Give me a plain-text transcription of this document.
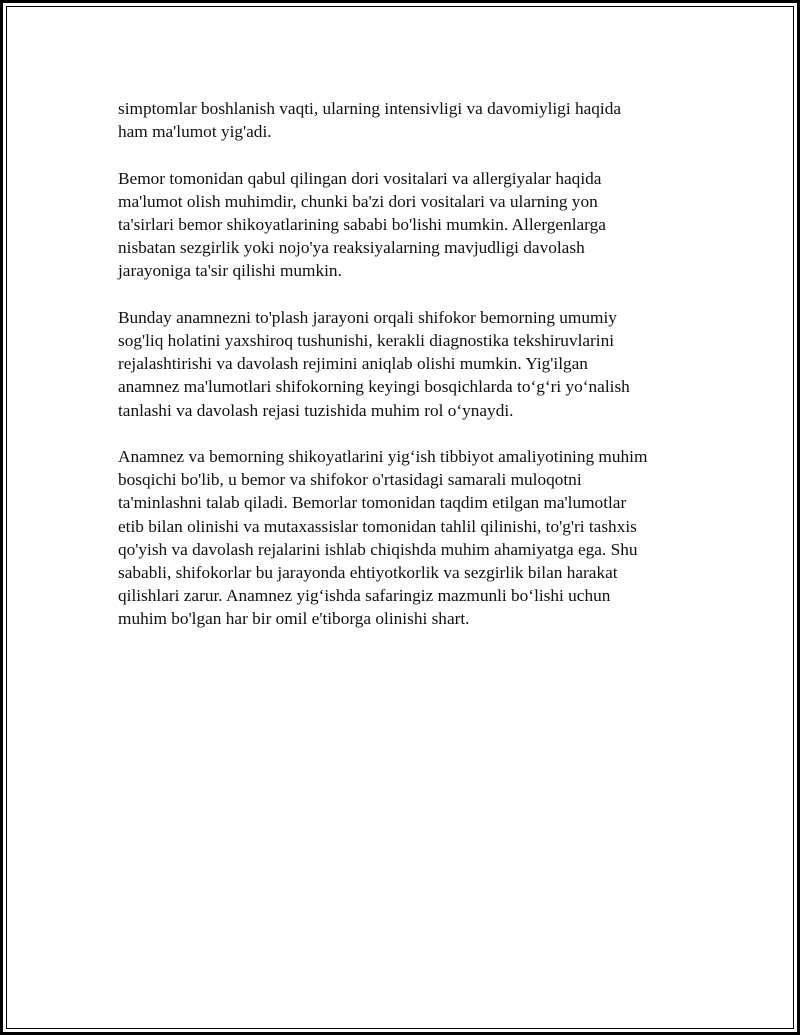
simptomlar boshlanish vaqti, ularning intensivligi va davomiyligi haqida
ham ma'lumot yig'adi.

Bemor tomonidan qabul qilingan dori vositalari va allergiyalar haqida
ma'lumot olish muhimdir, chunki ba'zi dori vositalari va ularning yon
ta'sirlari bemor shikoyatlarining sababi bo'lishi mumkin. Allergenlarga
nisbatan sezgirlik yoki nojo'ya reaksiyalarning mavjudligi davolash
jarayoniga ta'sir qilishi mumkin.

Bunday anamnezni to'plash jarayoni orqali shifokor bemorning umumiy
sog'liq holatini yaxshiroq tushunishi, kerakli diagnostika tekshiruvlarini
rejalashtirishi va davolash rejimini aniqlab olishi mumkin. Yig'ilgan
anamnez ma'lumotlari shifokorning keyingi bosqichlarda to‘g‘ri yo‘nalish
tanlashi va davolash rejasi tuzishida muhim rol o‘ynaydi.

Anamnez va bemorning shikoyatlarini yig‘ish tibbiyot amaliyotining muhim
bosqichi bo'lib, u bemor va shifokor o'rtasidagi samarali muloqotni
ta'minlashni talab qiladi. Bemorlar tomonidan taqdim etilgan ma'lumotlar
etib bilan olinishi va mutaxassislar tomonidan tahlil qilinishi, to'g'ri tashxis
qo'yish va davolash rejalarini ishlab chiqishda muhim ahamiyatga ega. Shu
sababli, shifokorlar bu jarayonda ehtiyotkorlik va sezgirlik bilan harakat
qilishlari zarur. Anamnez yig‘ishda safaringiz mazmunli bo‘lishi uchun
muhim bo'lgan har bir omil e'tiborga olinishi shart.
